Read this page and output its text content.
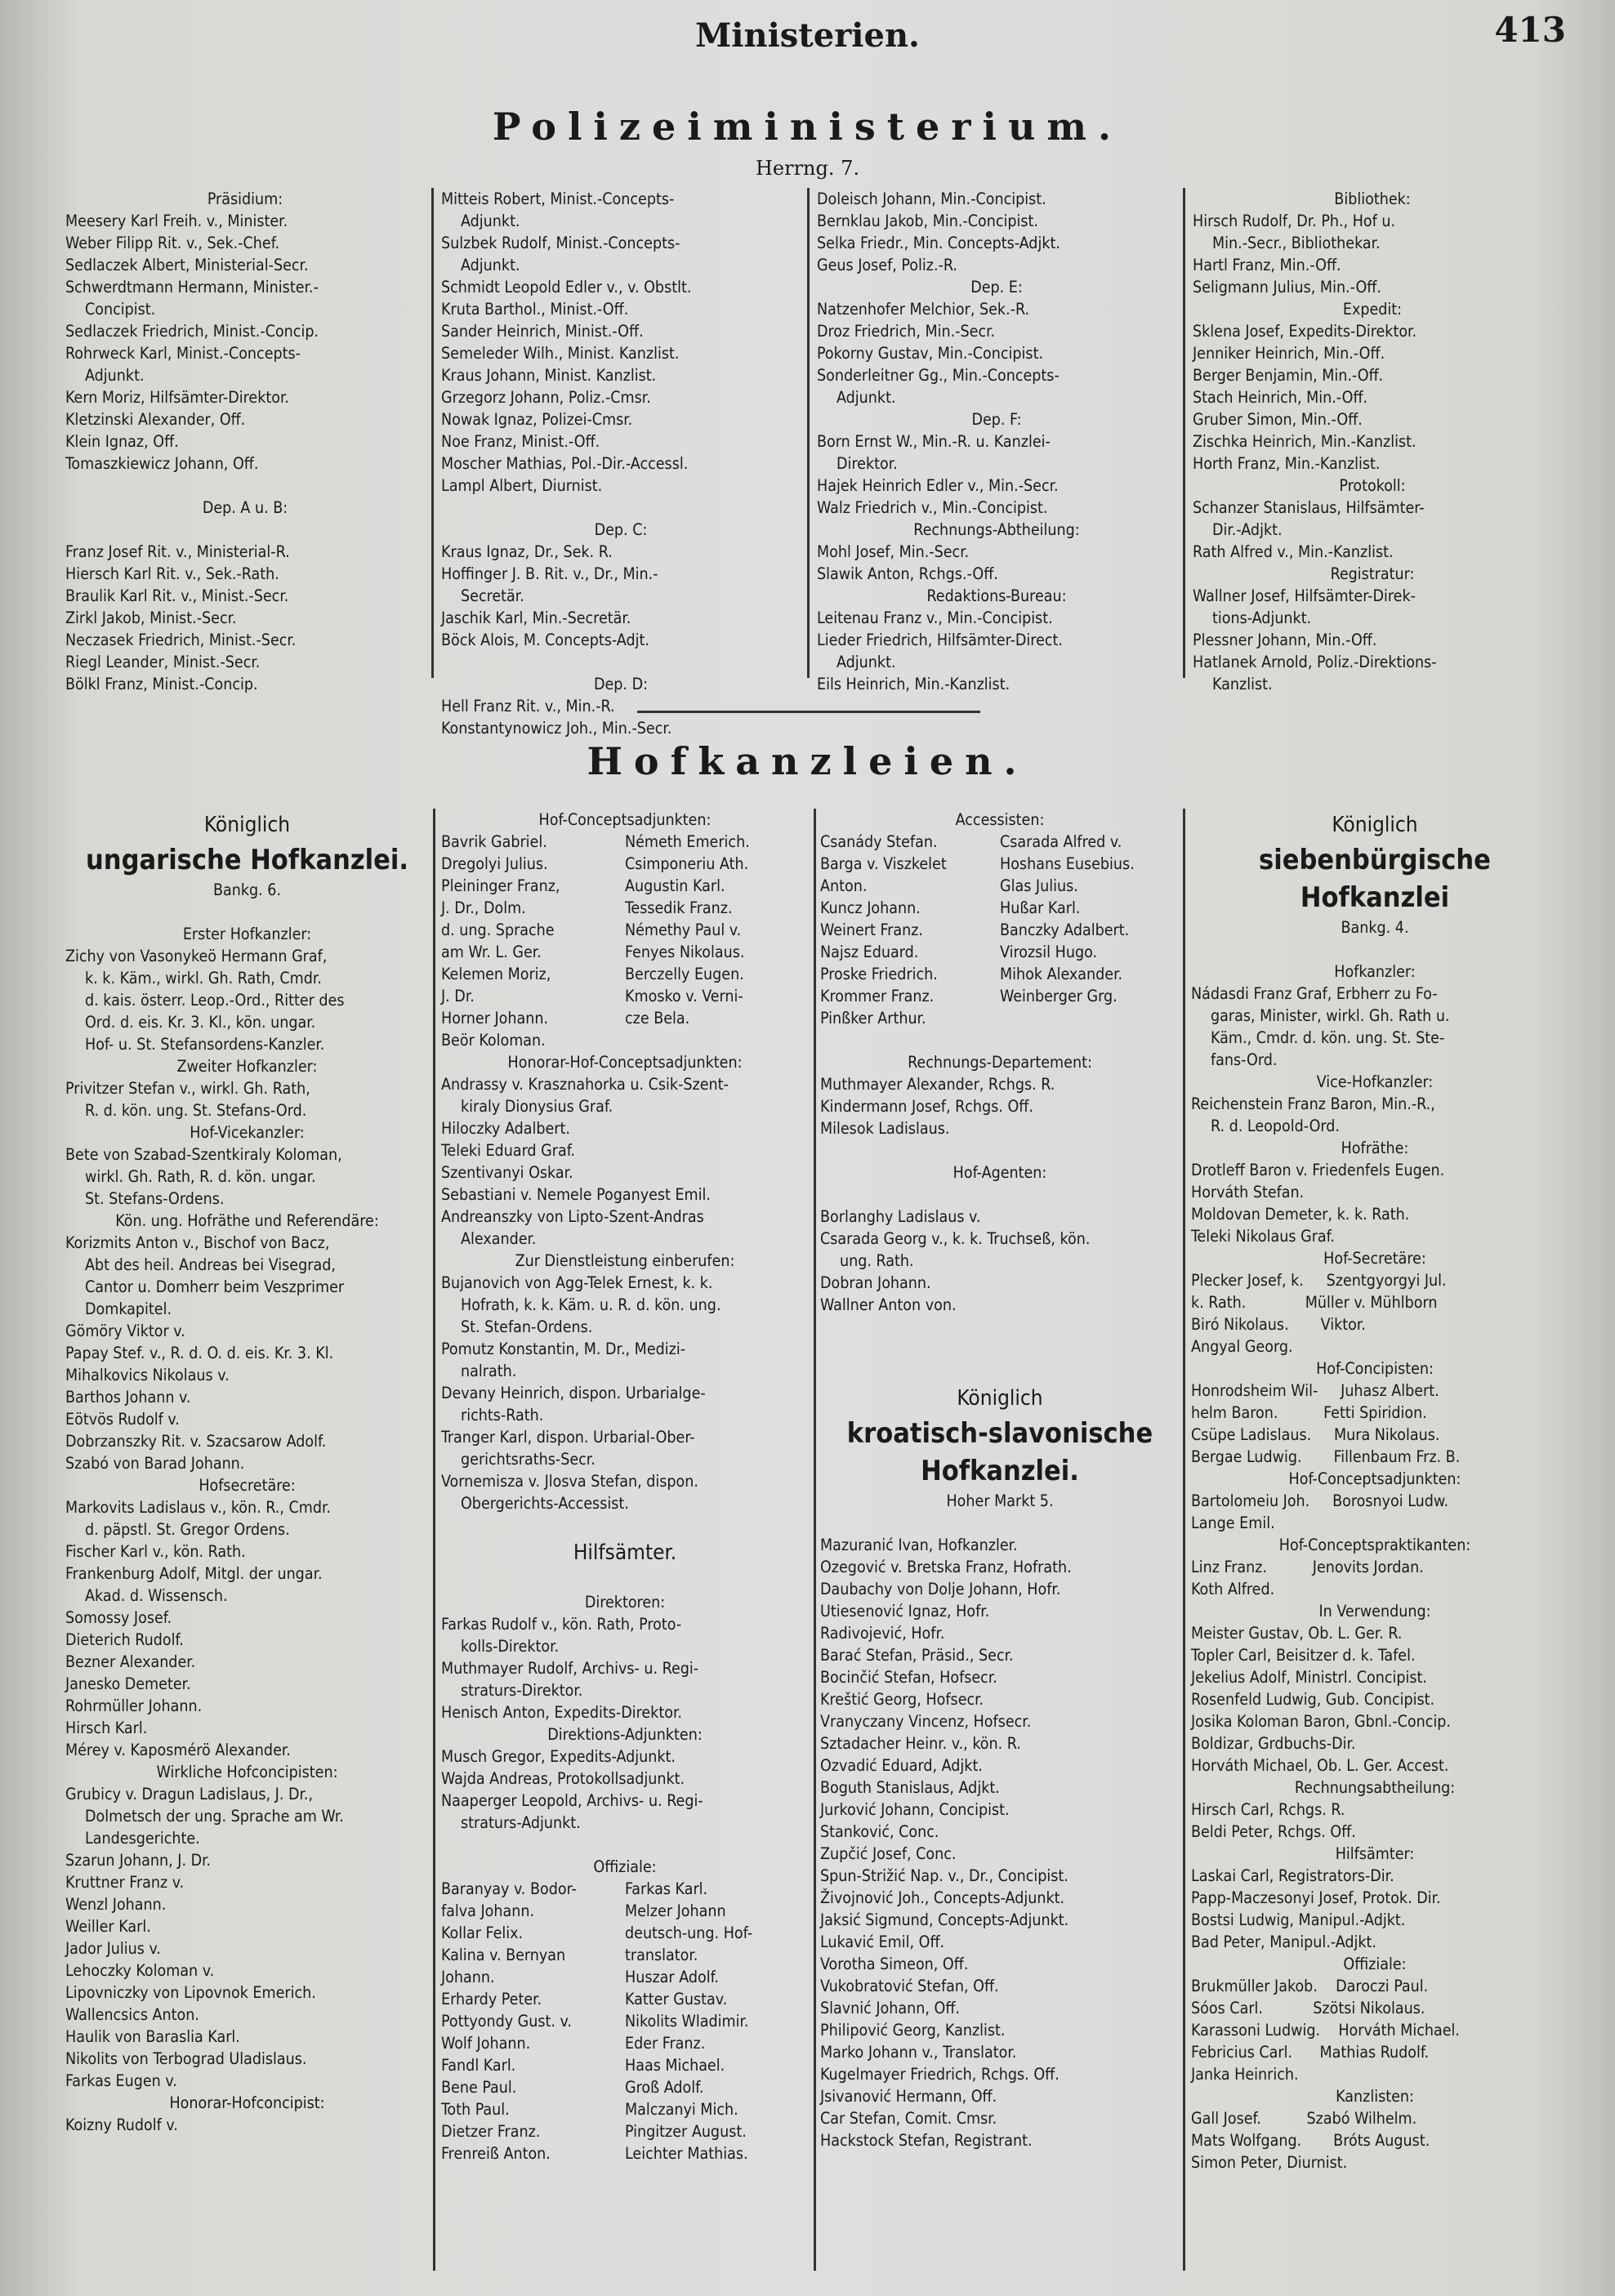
Ministerien.	413
Polizeiministerium.
Herrng. 7.

Präsidium:

Meesery Karl Freih. v., Minister.

Weber Filipp Rit. v., Sek.-Chef.

Sedlaczek Albert, Ministerial-Secr.

Schwerdtmann Hermann, Minister.-

Concipist.

Sedlaczek Friedrich, Minist.-Concip.

Rohrweck Karl, Minist.-Concepts-

Adjunkt.

Kern Moriz, Hilfsämter-Direktor.

Kletzinski Alexander, Off.

Klein Ignaz, Off.

Tomaszkiewicz Johann, Off.

Dep. A u. B:

Franz Josef Rit. v., Ministerial-R.

Hiersch Karl Rit. v., Sek.-Rath.

Braulik Karl Rit. v., Minist.-Secr.

Zirkl Jakob, Minist.-Secr.

Neczasek Friedrich, Minist.-Secr.

Riegl Leander, Minist.-Secr.

Bölkl Franz, Minist.-Concip.

Mitteis Robert, Minist.-Concepts-

Adjunkt.

Sulzbek Rudolf, Minist.-Concepts-

Adjunkt.

Schmidt Leopold Edler v., v. Obstlt.

Kruta Barthol., Minist.-Off.

Sander Heinrich, Minist.-Off.

Semeleder Wilh., Minist. Kanzlist.

Kraus Johann, Minist. Kanzlist.

Grzegorz Johann, Poliz.-Cmsr.

Nowak Ignaz, Polizei-Cmsr.

Noe Franz, Minist.-Off.

Moscher Mathias, Pol.-Dir.-Accessl.

Lampl Albert, Diurnist.

Dep. C:

Kraus Ignaz, Dr., Sek. R.

Hoffinger J. B. Rit. v., Dr., Min.-

Secretär.

Jaschik Karl, Min.-Secretär.

Böck Alois, M. Concepts-Adjt.

Dep. D:

Hell Franz Rit. v., Min.-R.

Konstantynowicz Joh., Min.-Secr.

Doleisch Johann, Min.-Concipist.

Bernklau Jakob, Min.-Concipist.

Selka Friedr., Min. Concepts-Adjkt.

Geus Josef, Poliz.-R.

Dep. E:

Natzenhofer Melchior, Sek.-R.

Droz Friedrich, Min.-Secr.

Pokorny Gustav, Min.-Concipist.

Sonderleitner Gg., Min.-Concepts-

Adjunkt.

Dep. F:

Born Ernst W., Min.-R. u. Kanzlei-

Direktor.

Hajek Heinrich Edler v., Min.-Secr.

Walz Friedrich v., Min.-Concipist.

Rechnungs-Abtheilung:

Mohl Josef, Min.-Secr.

Slawik Anton, Rchgs.-Off.

Redaktions-Bureau:

Leitenau Franz v., Min.-Concipist.

Lieder Friedrich, Hilfsämter-Direct.

Adjunkt.

Eils Heinrich, Min.-Kanzlist.

Bibliothek:

Hirsch Rudolf, Dr. Ph., Hof u.

Min.-Secr., Bibliothekar.

Hartl Franz, Min.-Off.

Seligmann Julius, Min.-Off.

Expedit:

Sklena Josef, Expedits-Direktor.

Jenniker Heinrich, Min.-Off.

Berger Benjamin, Min.-Off.

Stach Heinrich, Min.-Off.

Gruber Simon, Min.-Off.

Zischka Heinrich, Min.-Kanzlist.

Horth Franz, Min.-Kanzlist.

Protokoll:

Schanzer Stanislaus, Hilfsämter-

Dir.-Adjkt.

Rath Alfred v., Min.-Kanzlist.

Registratur:

Wallner Josef, Hilfsämter-Direk-

tions-Adjunkt.

Plessner Johann, Min.-Off.

Hatlanek Arnold, Poliz.-Direktions-

Kanzlist.

Hofkanzleien.

Königlich

ungarische Hofkanzlei.

Bankg. 6.

Erster Hofkanzler:

Zichy von Vasonykeö Hermann Graf,

k. k. Käm., wirkl. Gh. Rath, Cmdr.

d. kais. österr. Leop.-Ord., Ritter des

Ord. d. eis. Kr. 3. Kl., kön. ungar.

Hof- u. St. Stefansordens-Kanzler.

Zweiter Hofkanzler:

Privitzer Stefan v., wirkl. Gh. Rath,

R. d. kön. ung. St. Stefans-Ord.

Hof-Vicekanzler:

Bete von Szabad-Szentkiraly Koloman,

wirkl. Gh. Rath, R. d. kön. ungar.

St. Stefans-Ordens.

Kön. ung. Hofräthe und Referendäre:

Korizmits Anton v., Bischof von Bacz,

Abt des heil. Andreas bei Visegrad,

Cantor u. Domherr beim Veszprimer

Domkapitel.

Gömöry Viktor v.

Papay Stef. v., R. d. O. d. eis. Kr. 3. Kl.

Mihalkovics Nikolaus v.

Barthos Johann v.

Eötvös Rudolf v.

Dobrzanszky Rit. v. Szacsarow Adolf.

Szabó von Barad Johann.

Hofsecretäre:

Markovits Ladislaus v., kön. R., Cmdr.

d. päpstl. St. Gregor Ordens.

Fischer Karl v., kön. Rath.

Frankenburg Adolf, Mitgl. der ungar.

Akad. d. Wissensch.

Somossy Josef.

Dieterich Rudolf.

Bezner Alexander.

Janesko Demeter.

Rohrmüller Johann.

Hirsch Karl.

Mérey v. Kaposmérö Alexander.

Wirkliche Hofconcipisten:

Grubicy v. Dragun Ladislaus, J. Dr.,

Dolmetsch der ung. Sprache am Wr.

Landesgerichte.

Szarun Johann, J. Dr.

Kruttner Franz v.

Wenzl Johann.

Weiller Karl.

Jador Julius v.

Lehoczky Koloman v.

Lipovniczky von Lipovnok Emerich.

Wallencsics Anton.

Haulik von Baraslia Karl.

Nikolits von Terbograd Uladislaus.

Farkas Eugen v.

Honorar-Hofconcipist:

Koizny Rudolf v.

Hof-Conceptsadjunkten:

Bavrik Gabriel.	Németh Emerich.
Dregolyi Julius.	Csimponeriu Ath.
Pleininger Franz,	Augustin Karl.
J. Dr., Dolm.	Tessedik Franz.
d. ung. Sprache	Némethy Paul v.
am Wr. L. Ger.	Fenyes Nikolaus.
Kelemen Moriz,	Berczelly Eugen.
J. Dr.	Kmosko v. Verni-
Horner Johann.	cze Bela.
Beör Koloman.

Honorar-Hof-Conceptsadjunkten:

Andrassy v. Krasznahorka u. Csik-Szent-

kiraly Dionysius Graf.

Hiloczky Adalbert.

Teleki Eduard Graf.

Szentivanyi Oskar.

Sebastiani v. Nemele Poganyest Emil.

Andreanszky von Lipto-Szent-Andras

Alexander.

Zur Dienstleistung einberufen:

Bujanovich von Agg-Telek Ernest, k. k.

Hofrath, k. k. Käm. u. R. d. kön. ung.

St. Stefan-Ordens.

Pomutz Konstantin, M. Dr., Medizi-

nalrath.

Devany Heinrich, dispon. Urbarialge-

richts-Rath.

Tranger Karl, dispon. Urbarial-Ober-

gerichtsraths-Secr.

Vornemisza v. Jlosva Stefan, dispon.

Obergerichts-Accessist.

Hilfsämter.

Direktoren:

Farkas Rudolf v., kön. Rath, Proto-

kolls-Direktor.

Muthmayer Rudolf, Archivs- u. Regi-

straturs-Direktor.

Henisch Anton, Expedits-Direktor.

Direktions-Adjunkten:

Musch Gregor, Expedits-Adjunkt.

Wajda Andreas, Protokollsadjunkt.

Naaperger Leopold, Archivs- u. Regi-

straturs-Adjunkt.

Offiziale:

Baranyay v. Bodor-	Farkas Karl.
falva Johann.	Melzer Johann
Kollar Felix.	deutsch-ung. Hof-
Kalina v. Bernyan	translator.
Johann.	Huszar Adolf.
Erhardy Peter.	Katter Gustav.
Pottyondy Gust. v.	Nikolits Wladimir.
Wolf Johann.	Eder Franz.
Fandl Karl.	Haas Michael.
Bene Paul.	Groß Adolf.
Toth Paul.	Malczanyi Mich.
Dietzer Franz.	Pingitzer August.
Frenreiß Anton.	Leichter Mathias.

Accessisten:

Csanády Stefan.	Csarada Alfred v.
Barga v. Viszkelet	Hoshans Eusebius.
Anton.	Glas Julius.
Kuncz Johann.	Hußar Karl.
Weinert Franz.	Banczky Adalbert.
Najsz Eduard.	Virozsil Hugo.
Proske Friedrich.	Mihok Alexander.
Krommer Franz.	Weinberger Grg.
Pinßker Arthur.

Rechnungs-Departement:

Muthmayer Alexander, Rchgs. R.

Kindermann Josef, Rchgs. Off.

Milesok Ladislaus.

Hof-Agenten:

Borlanghy Ladislaus v.

Csarada Georg v., k. k. Truchseß, kön.

ung. Rath.

Dobran Johann.

Wallner Anton von.

Königlich

kroatisch-slavonische

Hofkanzlei.

Hoher Markt 5.

Mazuranić Ivan, Hofkanzler.

Ozegović v. Bretska Franz, Hofrath.

Daubachy von Dolje Johann, Hofr.

Utiesenović Ignaz, Hofr.

Radivojević, Hofr.

Barać Stefan, Präsid., Secr.

Bocinčić Stefan, Hofsecr.

Kreštić Georg, Hofsecr.

Vranyczany Vincenz, Hofsecr.

Sztadacher Heinr. v., kön. R.

Ozvadić Eduard, Adjkt.

Boguth Stanislaus, Adjkt.

Jurković Johann, Concipist.

Stanković, Conc.

Zupčić Josef, Conc.

Spun-Strižić Nap. v., Dr., Concipist.

Živojnović Joh., Concepts-Adjunkt.

Jaksić Sigmund, Concepts-Adjunkt.

Lukavić Emil, Off.

Vorotha Simeon, Off.

Vukobratović Stefan, Off.

Slavnić Johann, Off.

Philipović Georg, Kanzlist.

Marko Johann v., Translator.

Kugelmayer Friedrich, Rchgs. Off.

Jsivanović Hermann, Off.

Car Stefan, Comit. Cmsr.

Hackstock Stefan, Registrant.

Königlich

siebenbürgische Hofkanzlei

Bankg. 4.

Hofkanzler:

Nádasdi Franz Graf, Erbherr zu Fo-

garas, Minister, wirkl. Gh. Rath u.

Käm., Cmdr. d. kön. ung. St. Ste-

fans-Ord.

Vice-Hofkanzler:

Reichenstein Franz Baron, Min.-R.,

R. d. Leopold-Ord.

Hofräthe:

Drotleff Baron v. Friedenfels Eugen.

Horváth Stefan.

Moldovan Demeter, k. k. Rath.

Teleki Nikolaus Graf.

Hof-Secretäre:

Plecker Josef, k.     Szentgyorgyi Jul.

k. Rath.             Müller v. Mühlborn

Biró Nikolaus.       Viktor.

Angyal Georg.

Hof-Concipisten:

Honrodsheim Wil-     Juhasz Albert.

helm Baron.          Fetti Spiridion.

Csüpe Ladislaus.     Mura Nikolaus.

Bergae Ludwig.       Fillenbaum Frz. B.

Hof-Conceptsadjunkten:

Bartolomeiu Joh.     Borosnyoi Ludw.

Lange Emil.

Hof-Conceptspraktikanten:

Linz Franz.          Jenovits Jordan.

Koth Alfred.

In Verwendung:

Meister Gustav, Ob. L. Ger. R.

Topler Carl, Beisitzer d. k. Tafel.

Jekelius Adolf, Ministrl. Concipist.

Rosenfeld Ludwig, Gub. Concipist.

Josika Koloman Baron, Gbnl.-Concip.

Boldizar, Grdbuchs-Dir.

Horváth Michael, Ob. L. Ger. Accest.

Rechnungsabtheilung:

Hirsch Carl, Rchgs. R.

Beldi Peter, Rchgs. Off.

Hilfsämter:

Laskai Carl, Registrators-Dir.

Papp-Maczesonyi Josef, Protok. Dir.

Bostsi Ludwig, Manipul.-Adjkt.

Bad Peter, Manipul.-Adjkt.

Offiziale:

Brukmüller Jakob.    Daroczi Paul.

Sóos Carl.           Szötsi Nikolaus.

Karassoni Ludwig.    Horváth Michael.

Febricius Carl.      Mathias Rudolf.

Janka Heinrich.

Kanzlisten:

Gall Josef.          Szabó Wilhelm.

Mats Wolfgang.       Bróts August.

Simon Peter, Diurnist.
